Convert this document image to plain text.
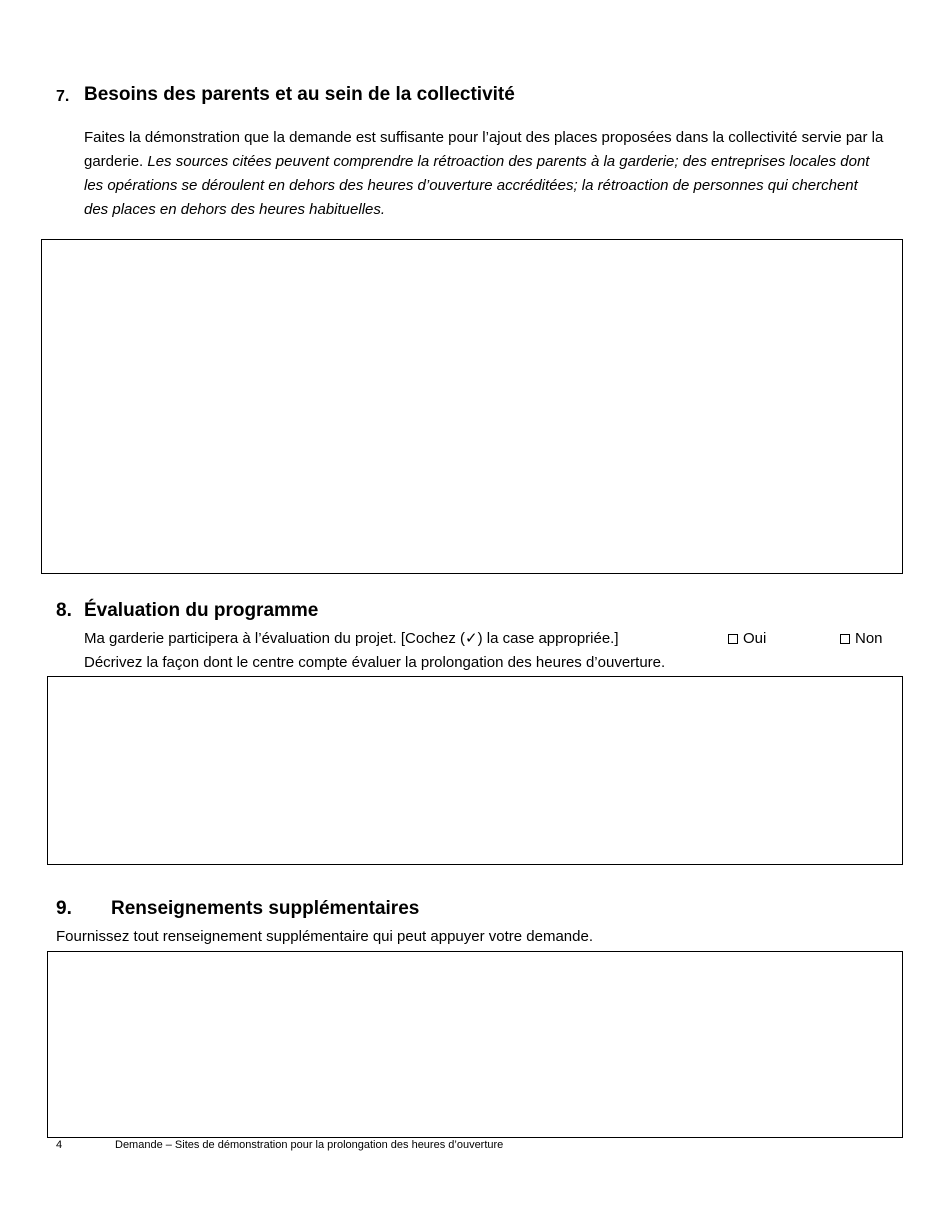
7. Besoins des parents et au sein de la collectivité
Faites la démonstration que la demande est suffisante pour l’ajout des places proposées dans la collectivité servie par la garderie. Les sources citées peuvent comprendre la rétroaction des parents à la garderie; des entreprises locales dont les opérations se déroulent en dehors des heures d’ouverture accréditées; la rétroaction de personnes qui cherchent des places en dehors des heures habituelles.
8. Évaluation du programme
Ma garderie participera à l’évaluation du projet. [Cochez (✓) la case appropriée.]	Oui	Non
Décrivez la façon dont le centre compte évaluer la prolongation des heures d’ouverture.
9. Renseignements supplémentaires
Fournissez tout renseignement supplémentaire qui peut appuyer votre demande.
4	Demande – Sites de démonstration pour la prolongation des heures d’ouverture
